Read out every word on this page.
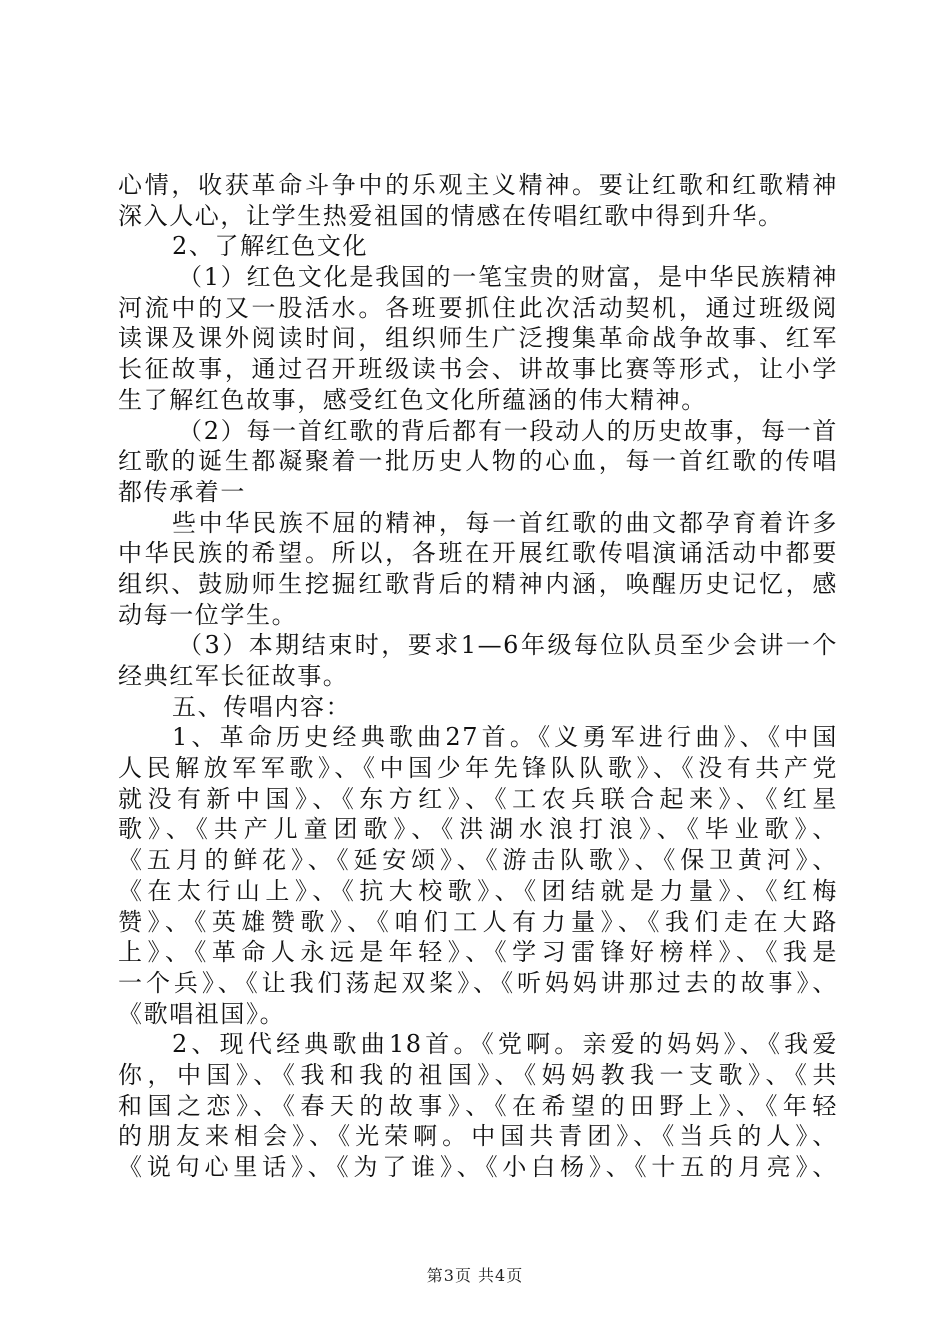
心情，收获革命斗争中的乐观主义精神。要让红歌和红歌精神
深入人心，让学生热爱祖国的情感在传唱红歌中得到升华。
2、了解红色文化
（1）红色文化是我国的一笔宝贵的财富，是中华民族精神
河流中的又一股活水。各班要抓住此次活动契机，通过班级阅
读课及课外阅读时间，组织师生广泛搜集革命战争故事、红军
长征故事，通过召开班级读书会、讲故事比赛等形式，让小学
生了解红色故事，感受红色文化所蕴涵的伟大精神。
（2）每一首红歌的背后都有一段动人的历史故事，每一首
红歌的诞生都凝聚着一批历史人物的心血，每一首红歌的传唱
都传承着一
些中华民族不屈的精神，每一首红歌的曲文都孕育着许多
中华民族的希望。所以，各班在开展红歌传唱演诵活动中都要
组织、鼓励师生挖掘红歌背后的精神内涵，唤醒历史记忆，感
动每一位学生。
（3）本期结束时，要求1—6年级每位队员至少会讲一个
经典红军长征故事。
五、传唱内容：
1、革命历史经典歌曲27首。《义勇军进行曲》、《中国
人民解放军军歌》、《中国少年先锋队队歌》、《没有共产党
就没有新中国》、《东方红》、《工农兵联合起来》、《红星
歌》、《共产儿童团歌》、《洪湖水浪打浪》、《毕业歌》、
《五月的鲜花》、《延安颂》、《游击队歌》、《保卫黄河》、
《在太行山上》、《抗大校歌》、《团结就是力量》、《红梅
赞》、《英雄赞歌》、《咱们工人有力量》、《我们走在大路
上》、《革命人永远是年轻》、《学习雷锋好榜样》、《我是
一个兵》、《让我们荡起双桨》、《听妈妈讲那过去的故事》、
《歌唱祖国》。
2、现代经典歌曲18首。《党啊。亲爱的妈妈》、《我爱
你，中国》、《我和我的祖国》、《妈妈教我一支歌》、《共
和国之恋》、《春天的故事》、《在希望的田野上》、《年轻
的朋友来相会》、《光荣啊。中国共青团》、《当兵的人》、
《说句心里话》、《为了谁》、《小白杨》、《十五的月亮》、
第3页 共4页
